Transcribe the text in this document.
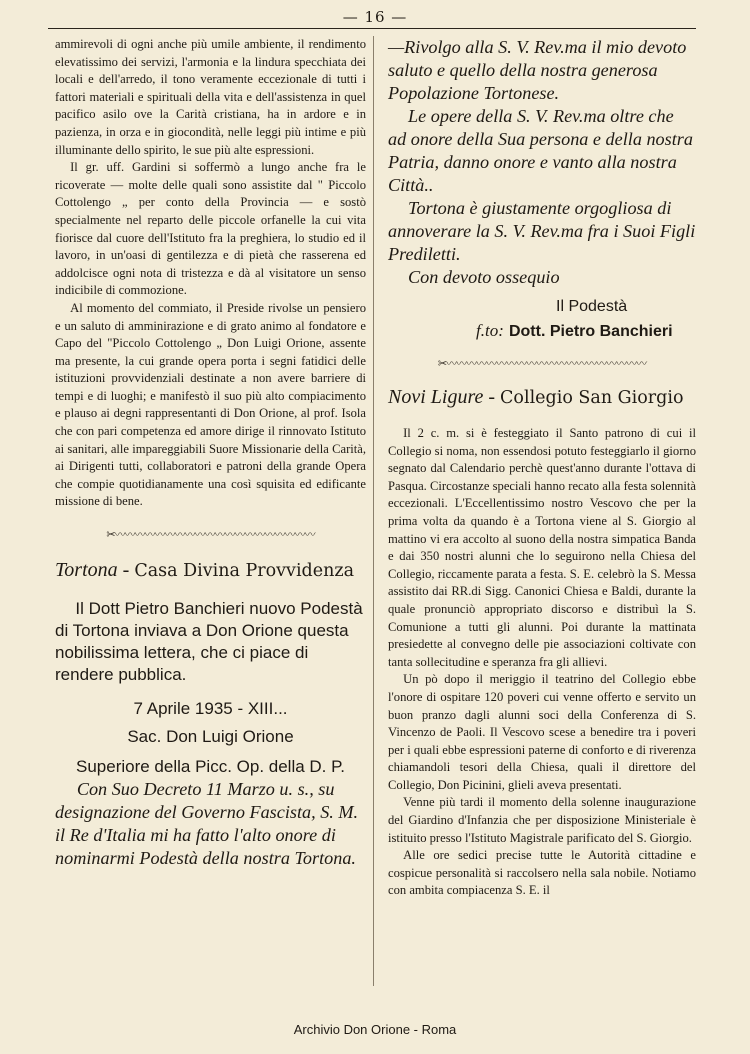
— 16 —

ammirevoli di ogni anche più umile ambiente, il rendimento elevatissimo dei servizi, l'armonia e la lindura specchiata dei locali e dell'arredo, il tono veramente eccezionale di tutti i fattori materiali e spirituali della vita e dell'assistenza in quel pacifico asilo ove la Carità cristiana, ha in ardore e in pazienza, in orza e in giocondità, nelle leggi più intime e più illuminante dello spirito, le sue più alte espressioni.

Il gr. uff. Gardini si soffermò a lungo anche fra le ricoverate — molte delle quali sono assistite dal " Piccolo Cottolengo „ per conto della Provincia — e sostò specialmente nel reparto delle piccole orfanelle la cui vita fiorisce dal cuore dell'Istituto fra la preghiera, lo studio ed il lavoro, in un'oasi di gentilezza e di pietà che rasserena ed addolcisce ogni nota di tristezza e dà al visitatore un senso indicibile di commozione.

Al momento del commiato, il Preside rivolse un pensiero e un saluto di amminirazione e di grato animo al fondatore e Capo del "Piccolo Cottolengo „ Don Luigi Orione, assente ma presente, la cui grande opera porta i segni fatidici delle istituzioni provvidenziali destinate a non avere barriere di tempi e di luoghi; e manifestò il suo più alto compiacimento e plauso ai degni rappresentanti di Don Orione, al prof. Isola che con pari competenza ed amore dirige il rinnovato Istituto ai sanitari, alle impareggiabili Suore Missionarie della Carità, ai Dirigenti tutti, collaboratori e patroni della grande Opera che compie quotidianamente una così squisita ed edificante missione di bene.

✂〰〰〰〰〰〰〰〰〰〰〰〰〰〰〰〰〰〰〰〰
Tortona - Casa Divina Provvidenza

Il Dott Pietro Banchieri nuovo Podestà di Tortona inviava a Don Orione questa nobilissima lettera, che ci piace di rendere pubblica.

7 Aprile 1935 - XIII...

Sac. Don Luigi Orione

Superiore della Picc. Op. della D. P.

Con Suo Decreto 11 Marzo u. s., su designazione del Governo Fascista, S. M. il Re d'Italia mi ha fatto l'alto onore di nominarmi Podestà della nostra Tortona.

—Rivolgo alla S. V. Rev.ma il mio devoto saluto e quello della nostra generosa Popolazione Tortonese.

Le opere della S. V. Rev.ma oltre che ad onore della Sua persona e della nostra Patria, danno onore e vanto alla nostra Città..

Tortona è giustamente orgogliosa di annoverare la S. V. Rev.ma fra i Suoi Figli Prediletti.

Con devoto ossequio

Il Podestà
f.to: Dott. Pietro Banchieri
✂〰〰〰〰〰〰〰〰〰〰〰〰〰〰〰〰〰〰〰〰
Novi Ligure - Collegio San Giorgio

Il 2 c. m. si è festeggiato il Santo patrono di cui il Collegio si noma, non essendosi potuto festeggiarlo il giorno segnato dal Calendario perchè quest'anno durante l'ottava di Pasqua. Circostanze speciali hanno recato alla festa solennità eccezionali. L'Eccellentissimo nostro Vescovo che per la prima volta da quando è a Tortona viene al S. Giorgio al mattino vi era accolto al suono della nostra simpatica Banda e dai 350 nostri alunni che lo seguirono nella Chiesa del Collegio, riccamente parata a festa. S. E. celebrò la S. Messa assistito dai RR.di Sigg. Canonici Chiesa e Baldi, durante la quale pronunciò appropriato discorso e distribuì la S. Comunione a tutti gli alunni. Poi durante la mattinata presiedette al convegno delle pie associazioni coltivate con tanta sollecitudine e speranza fra gli allievi.

Un pò dopo il meriggio il teatrino del Collegio ebbe l'onore di ospitare 120 poveri cui venne offerto e servito un buon pranzo dagli alunni soci della Conferenza di S. Vincenzo de Paoli. Il Vescovo scese a benedire tra i poveri per i quali ebbe espressioni paterne di conforto e di riverenza chiamandoli tesori della Chiesa, quali il direttore del Collegio, Don Picinini, glieli aveva presentati.

Venne più tardi il momento della solenne inaugurazione del Giardino d'Infanzia che per disposizione Ministeriale è istituito presso l'Istituto Magistrale parificato del S. Giorgio.

Alle ore sedici precise tutte le Autorità cittadine e cospicue personalità si raccolsero nella sala nobile. Notiamo con ambita compiacenza S. E. il

Archivio Don Orione - Roma
